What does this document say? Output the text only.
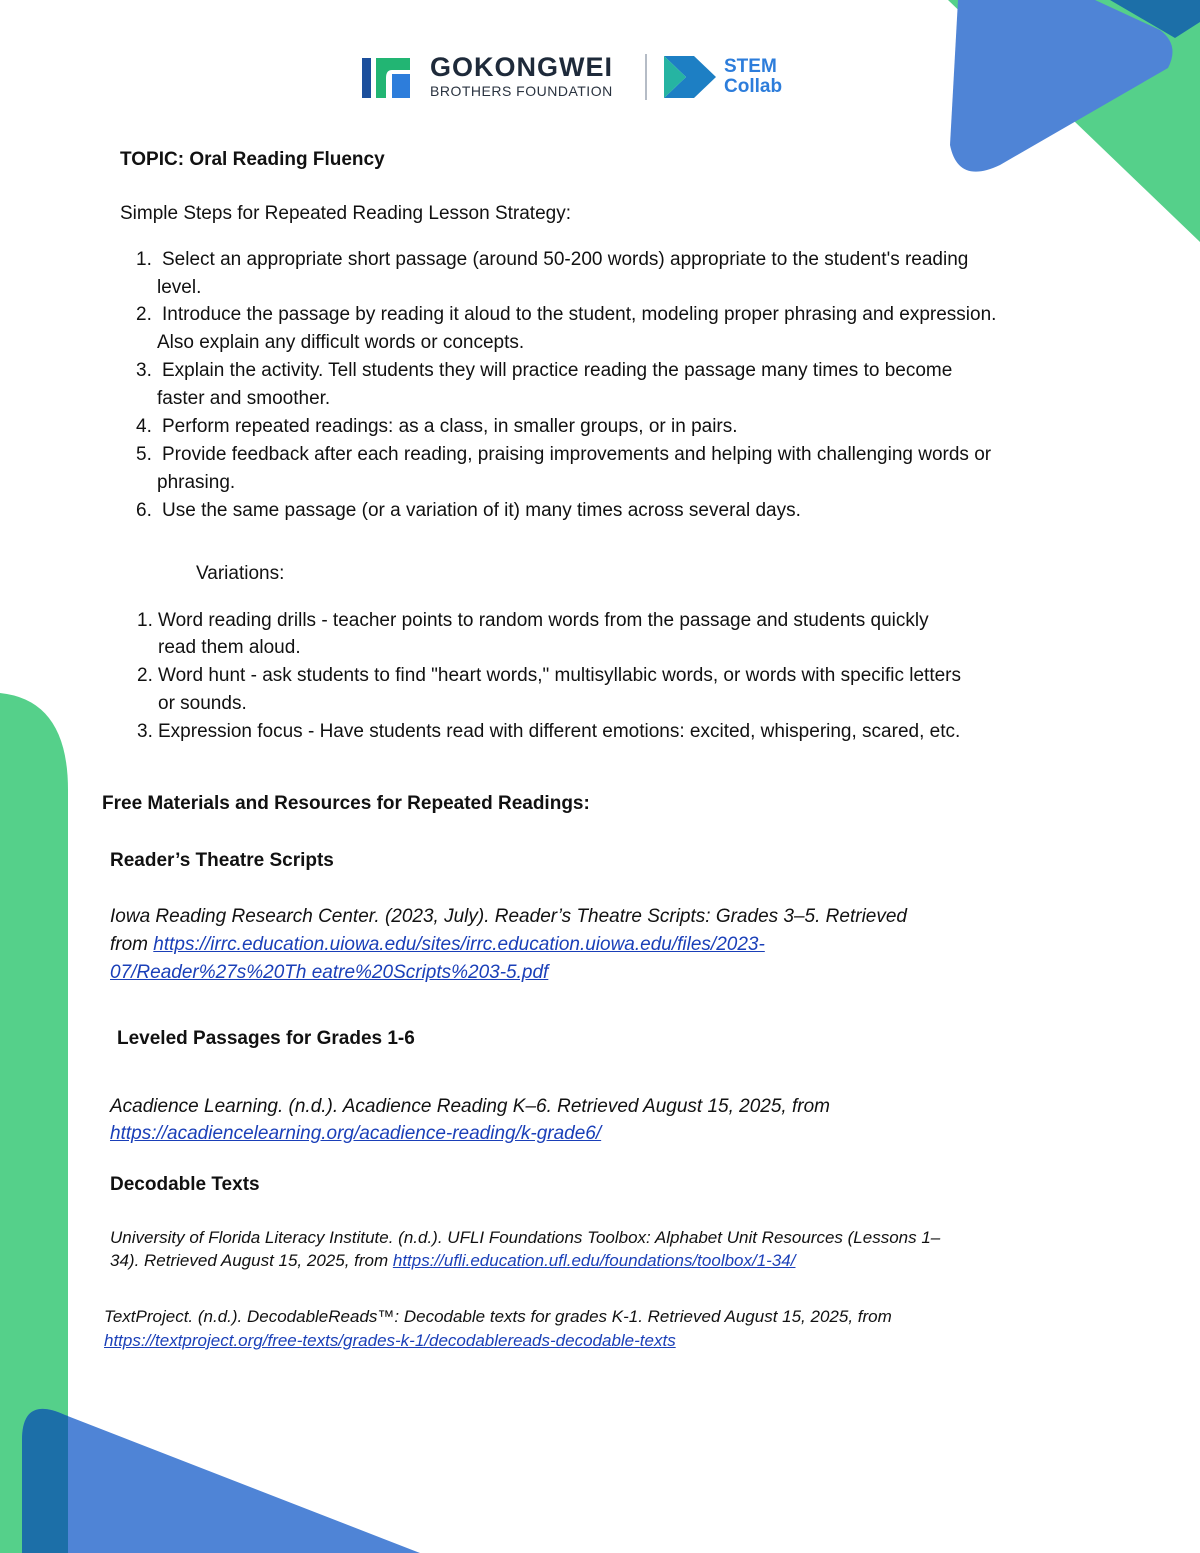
GOKONGWEI
BROTHERS FOUNDATION
STEM
Collab
TOPIC: Oral Reading Fluency
Simple Steps for Repeated Reading Lesson Strategy:
1. Select an appropriate short passage (around 50-200 words) appropriate to the student's reading
level.
2. Introduce the passage by reading it aloud to the student, modeling proper phrasing and expression.
Also explain any difficult words or concepts.
3. Explain the activity. Tell students they will practice reading the passage many times to become
faster and smoother.
4. Perform repeated readings: as a class, in smaller groups, or in pairs.
5. Provide feedback after each reading, praising improvements and helping with challenging words or
phrasing.
6. Use the same passage (or a variation of it) many times across several days.
Variations:
1. Word reading drills - teacher points to random words from the passage and students quickly
read them aloud.
2. Word hunt - ask students to find "heart words," multisyllabic words, or words with specific letters
or sounds.
3. Expression focus - Have students read with different emotions: excited, whispering, scared, etc.
Free Materials and Resources for Repeated Readings:
Reader’s Theatre Scripts
Iowa Reading Research Center. (2023, July). Reader’s Theatre Scripts: Grades 3–5. Retrieved
from https://irrc.education.uiowa.edu/sites/irrc.education.uiowa.edu/files/2023-
07/Reader%27s%20Th eatre%20Scripts%203-5.pdf
Leveled Passages for Grades 1-6
Acadience Learning. (n.d.). Acadience Reading K–6. Retrieved August 15, 2025, from
https://acadiencelearning.org/acadience-reading/k-grade6/
Decodable Texts
University of Florida Literacy Institute. (n.d.). UFLI Foundations Toolbox: Alphabet Unit Resources (Lessons 1–
34). Retrieved August 15, 2025, from https://ufli.education.ufl.edu/foundations/toolbox/1-34/
TextProject. (n.d.). DecodableReads™: Decodable texts for grades K-1. Retrieved August 15, 2025, from
https://textproject.org/free-texts/grades-k-1/decodablereads-decodable-texts
